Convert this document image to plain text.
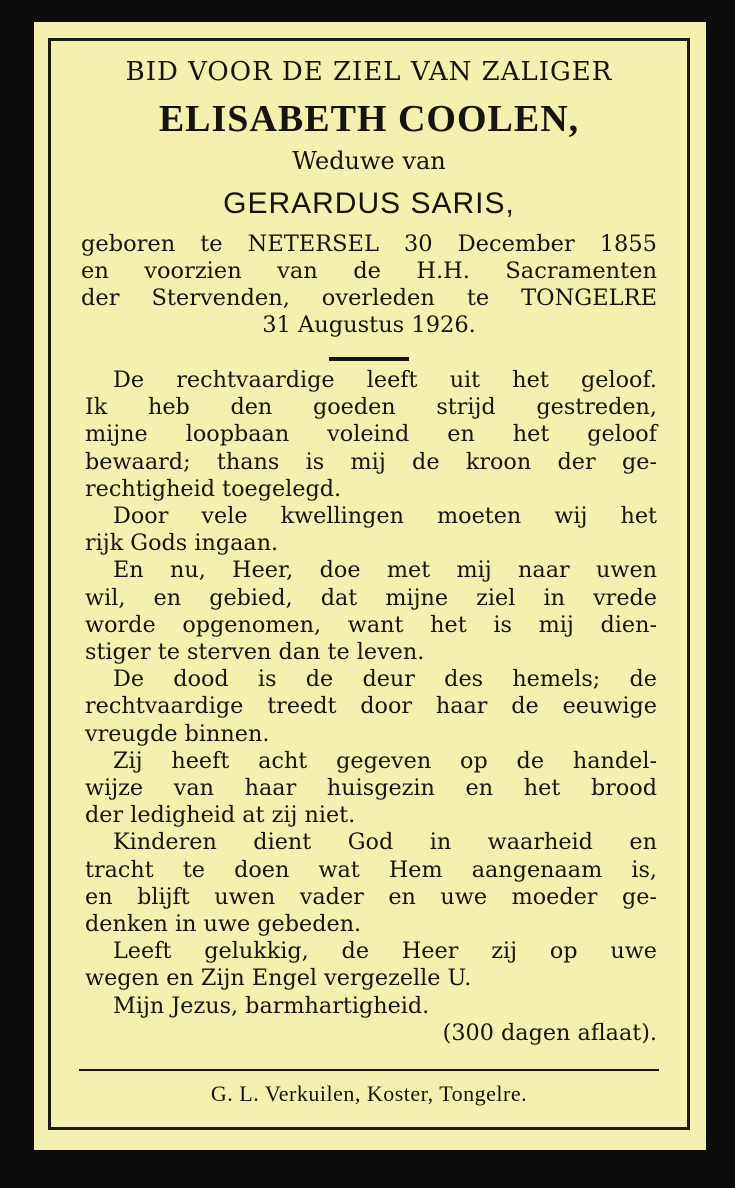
BID VOOR DE ZIEL VAN ZALIGER
ELISABETH COOLEN,
Weduwe van
GERARDUS SARIS,
geboren te NETERSEL 30 December 1855
en voorzien van de H.H. Sacramenten
der Stervenden, overleden te TONGELRE
31 Augustus 1926.
De rechtvaardige leeft uit het geloof.
Ik heb den goeden strijd gestreden,
mijne loopbaan voleind en het geloof
bewaard; thans is mij de kroon der ge-
rechtigheid toegelegd.
Door vele kwellingen moeten wij het
rijk Gods ingaan.
En nu, Heer, doe met mij naar uwen
wil, en gebied, dat mijne ziel in vrede
worde opgenomen, want het is mij dien-
stiger te sterven dan te leven.
De dood is de deur des hemels; de
rechtvaardige treedt door haar de eeuwige
vreugde binnen.
Zij heeft acht gegeven op de handel-
wijze van haar huisgezin en het brood
der ledigheid at zij niet.
Kinderen dient God in waarheid en
tracht te doen wat Hem aangenaam is,
en blijft uwen vader en uwe moeder ge-
denken in uwe gebeden.
Leeft gelukkig, de Heer zij op uwe
wegen en Zijn Engel vergezelle U.
Mijn Jezus, barmhartigheid.
(300 dagen aflaat).
G. L. Verkuilen, Koster, Tongelre.
